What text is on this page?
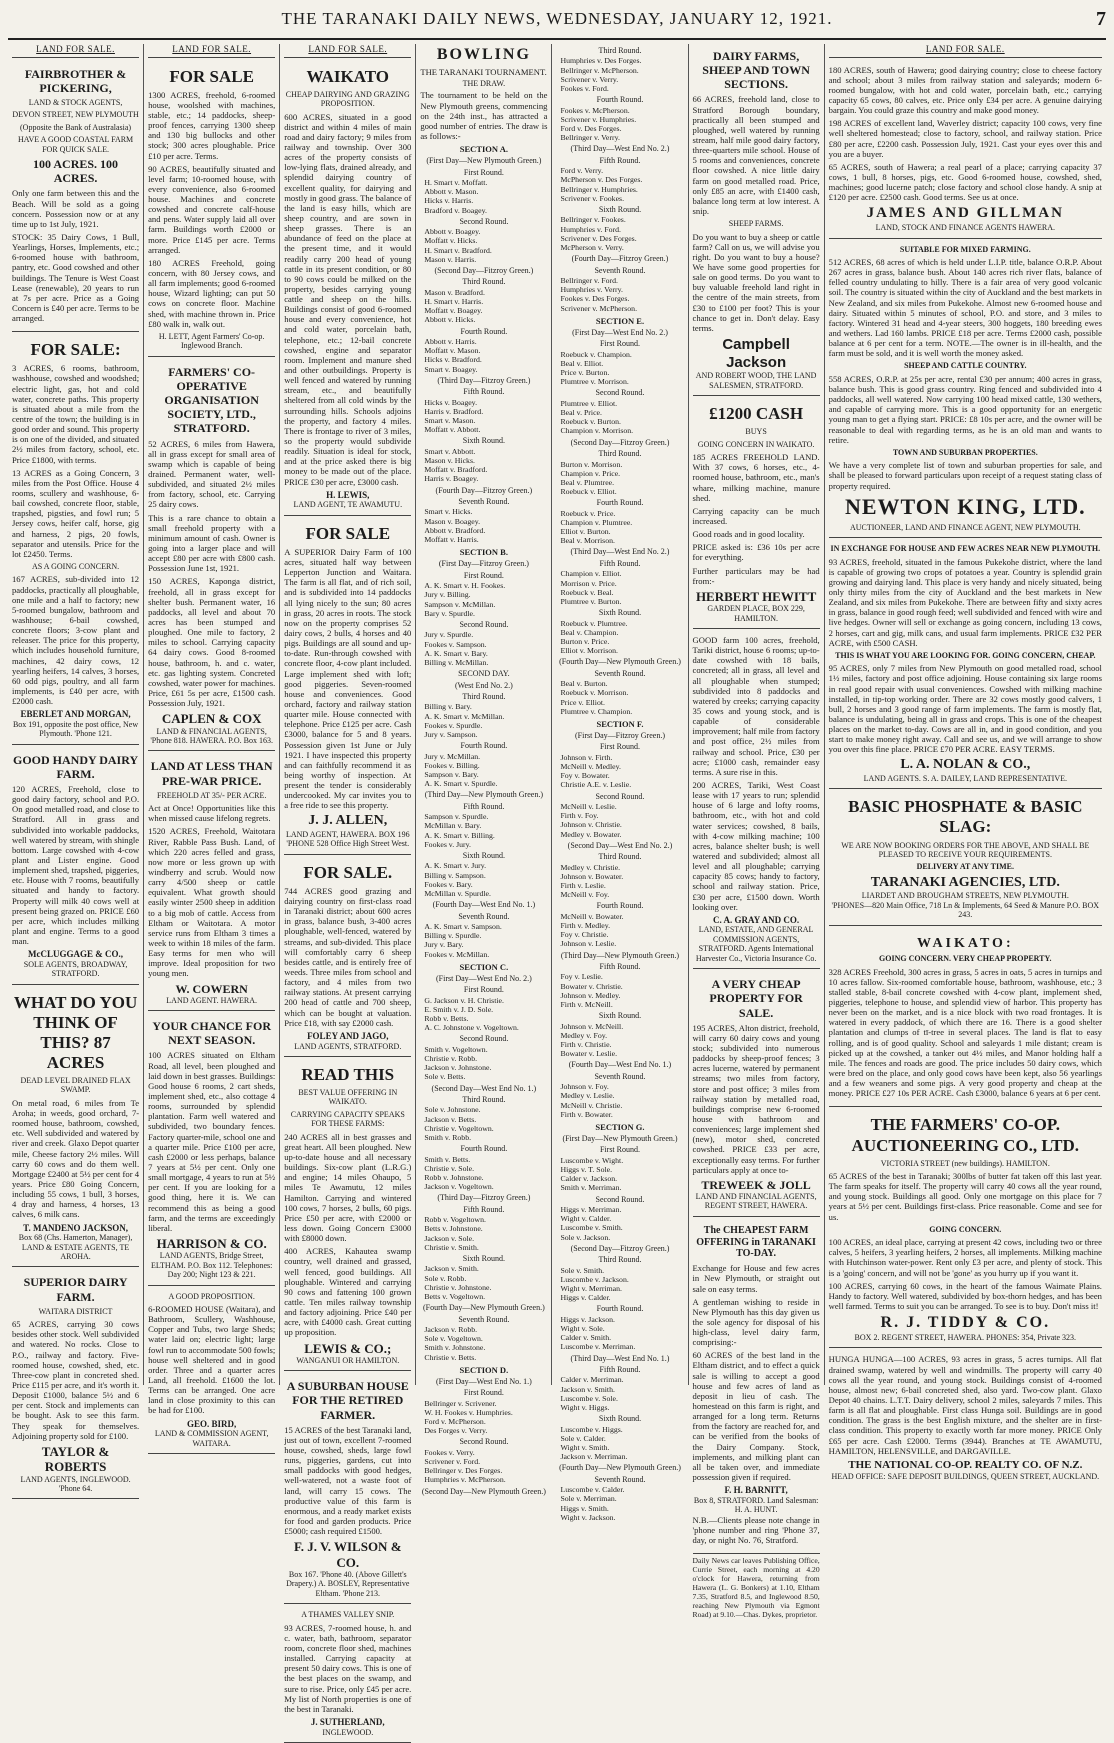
THE TARANAKI DAILY NEWS, WEDNESDAY, JANUARY 12, 1921.	7
LAND FOR SALE.
FAIRBROTHER & PICKERING,
LAND & STOCK AGENTS,
DEVON STREET, NEW PLYMOUTH
(Opposite the Bank of Australasia)
HAVE A GOOD COASTAL FARM FOR QUICK SALE.
100 ACRES. 100 ACRES.

Only one farm between this and the Beach. Will be sold as a going concern. Possession now or at any time up to 1st July, 1921.

STOCK: 35 Dairy Cows, 1 Bull, Yearlings, Horses, Implements, etc.; 6-roomed house with bathroom, pantry, etc. Good cowshed and other buildings. The Tenure is West Coast Lease (renewable), 20 years to run at 7s per acre. Price as a Going Concern is £40 per acre. Terms to be arranged.

FOR SALE:

3 ACRES, 6 rooms, bathroom, washhouse, cowshed and woodshed; electric light, gas, hot and cold water, concrete paths. This property is situated about a mile from the centre of the town; the building is in good order and sound. This property is on one of the divided, and situated 2½ miles from factory, school, etc. Price £1800, with terms.

13 ACRES as a Going Concern, 3 miles from the Post Office. House 4 rooms, scullery and washhouse, 6-bail cowshed, concrete floor, stable, trapshed, pigsties, and fowl run; 5 Jersey cows, heifer calf, horse, gig and harness, 2 pigs, 20 fowls, separator and utensils. Price for the lot £2450. Terms.

AS A GOING CONCERN.

167 ACRES, sub-divided into 12 paddocks, practically all ploughable, one mile and a half to factory; new 5-roomed bungalow, bathroom and washhouse; 6-bail cowshed, concrete floors; 3-cow plant and releaser. The price for this property, which includes household furniture, machines, 42 dairy cows, 12 yearling heifers, 14 calves, 3 horses, 60 odd pigs, poultry, and all farm implements, is £40 per acre, with £2000 cash.

EBERLET AND MORGAN,
Box 191, opposite the post office, New Plymouth. 'Phone 121.
GOOD HANDY DAIRY FARM.

120 ACRES, Freehold, close to good dairy factory, school and P.O. On good metalled road, and close to Stratford. All in grass and subdivided into workable paddocks, well watered by stream, with shingle bottom. Large cowshed with 4-cow plant and Lister engine. Good implement shed, trapshed, piggeries, etc. House with 7 rooms, beautifully situated and handy to factory. Property will milk 40 cows well at present being grazed on. PRICE £60 per acre, which includes milking plant and engine. Terms to a good man.

McCLUGGAGE & CO.,
SOLE AGENTS, BROADWAY, STRATFORD.
WHAT DO YOU THINK OF THIS? 87 ACRES
DEAD LEVEL DRAINED FLAX SWAMP.

On metal road, 6 miles from Te Aroha; in weeds, good orchard, 7-roomed house, bathroom, cowshed, etc. Well subdivided and watered by river and creek. Glaxo Depot quarter mile, Cheese factory 2½ miles. Will carry 60 cows and do them well. Mortgage £2400 at 5½ per cent for 4 years. Price £80 Going Concern, including 55 cows, 1 bull, 3 horses, 4 dray and harness, 4 horses, 13 calves, 6 milk cans.

T. MANDENO JACKSON,
Box 68 (Chs. Hamerton, Manager), LAND & ESTATE AGENTS, TE AROHA.
SUPERIOR DAIRY FARM.
WAITARA DISTRICT

65 ACRES, carrying 30 cows besides other stock. Well subdivided and watered. No rocks. Close to P.O., railway and factory. Five-roomed house, cowshed, shed, etc. Three-cow plant in concreted shed. Price £115 per acre, and it's worth it. Deposit £1000, balance 5½ and 6 per cent. Stock and implements can be bought. Ask to see this farm. They speak for themselves. Adjoining property sold for £100.

TAYLOR & ROBERTS
LAND AGENTS, INGLEWOOD. 'Phone 64.
LAND FOR SALE.
FOR SALE

1300 ACRES, freehold, 6-roomed house, woolshed with machines, stable, etc.; 14 paddocks, sheep-proof fences, carrying 1300 sheep and 130 big bullocks and other stock; 300 acres ploughable. Price £10 per acre. Terms.

90 ACRES, beautifully situated and level farm; 10-roomed house, with every convenience, also 6-roomed house. Machines and concrete cowshed and concrete calf-house and pens. Water supply laid all over farm. Buildings worth £2000 or more. Price £145 per acre. Terms arranged.

180 ACRES Freehold, going concern, with 80 Jersey cows, and all farm implements; good 6-roomed house, Wizard lighting; can put 50 cows on concrete floor. Machine shed, with machine thrown in. Price £80 walk in, walk out.

H. LETT, Agent Farmers' Co-op. Inglewood Branch.
FARMERS' CO-OPERATIVE ORGANISATION SOCIETY, LTD., STRATFORD.

52 ACRES, 6 miles from Hawera, all in grass except for small area of swamp which is capable of being drained. Permanent water, well-subdivided, and situated 2½ miles from factory, school, etc. Carrying 25 dairy cows.

This is a rare chance to obtain a small freehold property with a minimum amount of cash. Owner is going into a larger place and will accept £80 per acre with £800 cash. Possession June 1st, 1921.

150 ACRES, Kaponga district, freehold, all in grass except for shelter bush. Permanent water, 16 paddocks, all level and about 70 acres has been stumped and ploughed. One mile to factory, 2 miles to school. Carrying capacity 64 dairy cows. Good 8-roomed house, bathroom, h. and c. water, etc. gas lighting system. Concreted cowshed, water power for machines. Price, £61 5s per acre, £1500 cash. Possession July, 1921.

CAPLEN & COX
LAND & FINANCIAL AGENTS, 'Phone 818. HAWERA. P.O. Box 163.
LAND AT LESS THAN PRE-WAR PRICE.
FREEHOLD AT 35/- PER ACRE.

Act at Once! Opportunities like this when missed cause lifelong regrets.

1520 ACRES, Freehold, Waitotara River, Rabble Pass Bush. Land, of which 220 acres felled and grass, now more or less grown up with windberry and scrub. Would now carry 4/500 sheep or cattle equivalent. What growth should easily winter 2500 sheep in addition to a big mob of cattle. Access from Eltham or Waitotara. A motor service runs from Eltham 3 times a week to within 18 miles of the farm. Easy terms for men who will improve. Ideal proposition for two young men.

W. COWERN
LAND AGENT. HAWERA.
YOUR CHANCE FOR NEXT SEASON.

100 ACRES situated on Eltham Road, all level, been ploughed and laid down in best grasses. Buildings: Good house 6 rooms, 2 cart sheds, implement shed, etc., also cottage 4 rooms, surrounded by splendid plantation. Farm well watered and subdivided, two boundary fences. Factory quarter-mile, school one and a quarter mile. Price £100 per acre, cash £2000 or less perhaps, balance 7 years at 5½ per cent. Only one small mortgage, 4 years to run at 5½ per cent. If you are looking for a good thing, here it is. We can recommend this as being a good farm, and the terms are exceedingly liberal.

HARRISON & CO.
LAND AGENTS, Bridge Street, ELTHAM. P.O. Box 112. Telephones: Day 200; Night 123 & 221.
A GOOD PROPOSITION.

6-ROOMED HOUSE (Waitara), and Bathroom, Scullery, Washhouse, Copper and Tubs, two large Sheds; water laid on; electric light; large fowl run to accommodate 500 fowls; house well sheltered and in good order. Three and a quarter acres Land, all freehold. £1600 the lot. Terms can be arranged. One acre land in close proximity to this can be had for £100.

GEO. BIRD,
LAND & COMMISSION AGENT, WAITARA.
LAND FOR SALE.
WAIKATO
CHEAP DAIRYING AND GRAZING PROPOSITION.

600 ACRES, situated in a good district and within 4 miles of main road and dairy factory; 9 miles from railway and township. Over 300 acres of the property consists of low-lying flats, drained already, and splendid dairying country of excellent quality, for dairying and mostly in good grass. The balance of the land is easy hills, which are sheep country, and are sown in sheep grasses. There is an abundance of feed on the place at the present time, and it would readily carry 200 head of young cattle in its present condition, or 80 to 90 cows could be milked on the property, besides carrying young cattle and sheep on the hills. Buildings consist of good 6-roomed house and every convenience, hot and cold water, porcelain bath, telephone, etc.; 12-bail concrete cowshed, engine and separator room. Implement and manure shed and other outbuildings. Property is well fenced and watered by running stream, etc., and beautifully sheltered from all cold winds by the surrounding hills. Schools adjoins the property, and factory 4 miles. There is frontage to river of 3 miles, so the property would subdivide readily. Situation is ideal for stock, and at the price asked there is big money to be made out of the place. PRICE £30 per acre, £3000 cash.

H. LEWIS,
LAND AGENT, TE AWAMUTU.
FOR SALE

A SUPERIOR Dairy Farm of 100 acres, situated half way between Lepperton Junction and Waitara. The farm is all flat, and of rich soil, and is subdivided into 14 paddocks all lying nicely to the sun; 80 acres in grass, 20 acres in roots. The stock now on the property comprises 52 dairy cows, 2 bulls, 4 horses and 40 pigs. Buildings are all sound and up-to-date. Run-through cowshed with concrete floor, 4-cow plant included. Large implement shed with loft; good piggeries. Seven-roomed house and conveniences. Good orchard, factory and railway station quarter mile. House connected with telephone. Price £125 per acre. Cash £3000, balance for 5 and 8 years. Possession given 1st June or July 1921. I have inspected this property and can faithfully recommend it as being worthy of inspection. At present the tender is considerably undercooked. My car invites you to a free ride to see this property.

J. J. ALLEN,
LAND AGENT, HAWERA. BOX 196 'PHONE 528 Office High Street West.
FOR SALE.

744 ACRES good grazing and dairying country on first-class road in Taranaki district; about 600 acres in grass, balance bush, 3-400 acres ploughable, well-fenced, watered by streams, and sub-divided. This place will comfortably carry 6 sheep besides cattle, and is entirely free of weeds. Three miles from school and factory, and 4 miles from two railway stations. At present carrying 200 head of cattle and 700 sheep, which can be bought at valuation. Price £18, with say £2000 cash.

FOLEY AND JAGO,
LAND AGENTS, STRATFORD.
READ THIS
BEST VALUE OFFERING IN WAIKATO.
CARRYING CAPACITY SPEAKS FOR THESE FARMS:

240 ACRES all in best grasses and great heart. All been ploughed. New up-to-date house and all necessary buildings. Six-cow plant (L.R.G.) and engine; 14 miles Ohaupo, 5 miles Te Awamutu, 12 miles Hamilton. Carrying and wintered 100 cows, 7 horses, 2 bulls, 60 pigs. Price £50 per acre, with £2000 or less down. Going Concern £3000 with £8000 down.

400 ACRES, Kahautea swamp country, well drained and grassed, well fenced, good buildings. All ploughable. Wintered and carrying 90 cows and fattening 100 grown cattle. Ten miles railway township and factory adjoining. Price £40 per acre, with £4000 cash. Great cutting up proposition.

LEWIS & CO.;
WANGANUI OR HAMILTON.
A SUBURBAN HOUSE FOR THE RETIRED FARMER.

15 ACRES of the best Taranaki land, just out of town, excellent 7-roomed house, cowshed, sheds, large fowl runs, piggeries, gardens, cut into small paddocks with good hedges, well-watered, not a waste foot of land, will carry 15 cows. The productive value of this farm is enormous, and a ready market exists for food and garden products. Price £5000; cash required £1500.

F. J. V. WILSON & CO.
Box 167. 'Phone 40. (Above Gillett's Drapery.) A. BOSLEY, Representative Eltham. 'Phone 213.
A THAMES VALLEY SNIP.

93 ACRES, 7-roomed house, h. and c. water, bath, bathroom, separator room, concrete floor shed, machines installed. Carrying capacity at present 50 dairy cows. This is one of the best places on the swamp, and sure to rise. Price, only £45 per acre. My list of North properties is one of the best in Taranaki.

J. SUTHERLAND,
INGLEWOOD.
BOWLING
THE TARANAKI TOURNAMENT.
THE DRAW.

The tournament to be held on the New Plymouth greens, commencing on the 24th inst., has attracted a good number of entries. The draw is as follows:-

SECTION A.
(First Day—New Plymouth Green.)
First Round.
H. Smart v. Moffatt.
Abbott v. Mason.
Hicks v. Harris.
Bradford v. Boagey.
Second Round.
Abbott v. Boagey.
Moffatt v. Hicks.
H. Smart v. Bradford.
Mason v. Harris.
(Second Day—Fitzroy Green.)
Third Round.
Mason v. Bradford.
H. Smart v. Harris.
Moffatt v. Boagey.
Abbott v. Hicks.
Fourth Round.
Abbott v. Harris.
Moffatt v. Mason.
Hicks v. Bradford.
Smart v. Boagey.
(Third Day—Fitzroy Green.)
Fifth Round.
Hicks v. Boagey.
Harris v. Bradford.
Smart v. Mason.
Moffatt v. Abbott.
Sixth Round.
Smart v. Abbott.
Mason v. Hicks.
Moffatt v. Bradford.
Harris v. Boagey.
(Fourth Day—Fitzroy Green.)
Seventh Round.
Smart v. Hicks.
Mason v. Boagey.
Abbott v. Bradford.
Moffatt v. Harris.
SECTION B.
(First Day—Fitzroy Green.)
First Round.
A. K. Smart v. H. Fookes.
Jury v. Billing.
Sampson v. McMillan.
Bary v. Spurdle.
Second Round.
Jury v. Spurdle.
Fookes v. Sampson.
A. K. Smart v. Bary.
Billing v. McMillan.
SECOND DAY.
(West End No. 2.)
Third Round.
Billing v. Bary.
A. K. Smart v. McMillan.
Fookes v. Spurdle.
Jury v. Sampson.
Fourth Round.
Jury v. McMillan.
Fookes v. Billing.
Sampson v. Bary.
A. K. Smart v. Spurdle.
(Third Day—New Plymouth Green.)
Fifth Round.
Sampson v. Spurdle.
McMillan v. Bary.
A. K. Smart v. Billing.
Fookes v. Jury.
Sixth Round.
A. K. Smart v. Jury.
Billing v. Sampson.
Fookes v. Bary.
McMillan v. Spurdle.
(Fourth Day—West End No. 1.)
Seventh Round.
A. K. Smart v. Sampson.
Billing v. Spurdle.
Jury v. Bary.
Fookes v. McMillan.
SECTION C.
(First Day—West End No. 2.)
First Round.
G. Jackson v. H. Christie.
E. Smith v. J. D. Sole.
Robb v. Betts.
A. C. Johnstone v. Vogeltown.
Second Round.
Smith v. Vogeltown.
Christie v. Robb.
Jackson v. Johnstone.
Sole v. Betts.
(Second Day—West End No. 1.)
Third Round.
Sole v. Johnstone.
Jackson v. Betts.
Christie v. Vogeltown.
Smith v. Robb.
Fourth Round.
Smith v. Betts.
Christie v. Sole.
Robb v. Johnstone.
Jackson v. Vogeltown.
(Third Day—Fitzroy Green.)
Fifth Round.
Robb v. Vogeltown.
Betts v. Johnstone.
Jackson v. Sole.
Christie v. Smith.
Sixth Round.
Jackson v. Smith.
Sole v. Robb.
Christie v. Johnstone.
Betts v. Vogeltown.
(Fourth Day—New Plymouth Green.)
Seventh Round.
Jackson v. Robb.
Sole v. Vogeltown.
Smith v. Johnstone.
Christie v. Betts.
SECTION D.
(First Day—West End No. 1.)
First Round.
Bellringer v. Scrivener.
W. H. Fookes v. Humphries.
Ford v. McPherson.
Des Forges v. Verry.
Second Round.
Fookes v. Verry.
Scrivener v. Ford.
Bellringer v. Des Forges.
Humphries v. McPherson.
(Second Day—New Plymouth Green.)
Third Round.
Humphries v. Des Forges.
Bellringer v. McPherson.
Scrivener v. Verry.
Fookes v. Ford.
Fourth Round.
Fookes v. McPherson.
Scrivener v. Humphries.
Ford v. Des Forges.
Bellringer v. Verry.
(Third Day—West End No. 2.)
Fifth Round.
Ford v. Verry.
McPherson v. Des Forges.
Bellringer v. Humphries.
Scrivener v. Fookes.
Sixth Round.
Bellringer v. Fookes.
Humphries v. Ford.
Scrivener v. Des Forges.
McPherson v. Verry.
(Fourth Day—Fitzroy Green.)
Seventh Round.
Bellringer v. Ford.
Humphries v. Verry.
Fookes v. Des Forges.
Scrivener v. McPherson.
SECTION E.
(First Day—West End No. 2.)
First Round.
Roebuck v. Champion.
Beal v. Elliot.
Price v. Burton.
Plumtree v. Morrison.
Second Round.
Plumtree v. Elliot.
Beal v. Price.
Roebuck v. Burton.
Champion v. Morrison.
(Second Day—Fitzroy Green.)
Third Round.
Burton v. Morrison.
Champion v. Price.
Beal v. Plumtree.
Roebuck v. Elliot.
Fourth Round.
Roebuck v. Price.
Champion v. Plumtree.
Elliot v. Burton.
Beal v. Morrison.
(Third Day—West End No. 2.)
Fifth Round.
Champion v. Elliot.
Morrison v. Price.
Roebuck v. Beal.
Plumtree v. Burton.
Sixth Round.
Roebuck v. Plumtree.
Beal v. Champion.
Burton v. Price.
Elliot v. Morrison.
(Fourth Day—New Plymouth Green.)
Seventh Round.
Beal v. Burton.
Roebuck v. Morrison.
Price v. Elliot.
Plumtree v. Champion.
SECTION F.
(First Day—Fitzroy Green.)
First Round.
Johnson v. Firth.
McNeill v. Medley.
Foy v. Bowater.
Christie A.E. v. Leslie.
Second Round.
McNeill v. Leslie.
Firth v. Foy.
Johnson v. Christie.
Medley v. Bowater.
(Second Day—West End No. 2.)
Third Round.
Medley v. Christie.
Johnson v. Bowater.
Firth v. Leslie.
McNeill v. Foy.
Fourth Round.
McNeill v. Bowater.
Firth v. Medley.
Foy v. Christie.
Johnson v. Leslie.
(Third Day—New Plymouth Green.)
Fifth Round.
Foy v. Leslie.
Bowater v. Christie.
Johnson v. Medley.
Firth v. McNeill.
Sixth Round.
Johnson v. McNeill.
Medley v. Foy.
Firth v. Christie.
Bowater v. Leslie.
(Fourth Day—West End No. 1.)
Seventh Round.
Johnson v. Foy.
Medley v. Leslie.
McNeill v. Christie.
Firth v. Bowater.
SECTION G.
(First Day—New Plymouth Green.)
First Round.
Luscombe v. Wight.
Higgs v. T. Sole.
Calder v. Jackson.
Smith v. Merriman.
Second Round.
Higgs v. Merriman.
Wight v. Calder.
Luscombe v. Smith.
Sole v. Jackson.
(Second Day—Fitzroy Green.)
Third Round.
Sole v. Smith.
Luscombe v. Jackson.
Wight v. Merriman.
Higgs v. Calder.
Fourth Round.
Higgs v. Jackson.
Wight v. Sole.
Calder v. Smith.
Luscombe v. Merriman.
(Third Day—West End No. 1.)
Fifth Round.
Calder v. Merriman.
Jackson v. Smith.
Luscombe v. Sole.
Wight v. Higgs.
Sixth Round.
Luscombe v. Higgs.
Sole v. Calder.
Wight v. Smith.
Jackson v. Merriman.
(Fourth Day—New Plymouth Green.)
Seventh Round.
Luscombe v. Calder.
Sole v. Merriman.
Higgs v. Smith.
Wight v. Jackson.
DAIRY FARMS, SHEEP AND TOWN SECTIONS.

66 ACRES, freehold land, close to Stratford Borough boundary, practically all been stumped and ploughed, well watered by running stream, half mile good dairy factory, three-quarters mile school. House of 5 rooms and conveniences, concrete floor cowshed. A nice little dairy farm on good metalled road. Price, only £85 an acre, with £1400 cash, balance long term at low interest. A snip.

SHEEP FARMS.

Do you want to buy a sheep or cattle farm? Call on us, we will advise you right. Do you want to buy a house? We have some good properties for sale on good terms. Do you want to buy valuable freehold land right in the centre of the main streets, from £30 to £100 per foot? This is your chance to get in. Don't delay. Easy terms.

Campbell Jackson
AND ROBERT WOOD, THE LAND SALESMEN, STRATFORD.
£1200 CASH
BUYS
GOING CONCERN IN WAIKATO.

185 ACRES FREEHOLD LAND. With 37 cows, 6 horses, etc., 4-roomed house, bathroom, etc., man's whare, milking machine, manure shed.

Carrying capacity can be much increased.

Good roads and in good locality.

PRICE asked is: £36 10s per acre for everything.

Further particulars may be had from:-

HERBERT HEWITT
GARDEN PLACE, BOX 229, HAMILTON.

GOOD farm 100 acres, freehold, Tariki district, house 6 rooms; up-to-date cowshed with 18 bails, concreted; all in grass, all level and all ploughable when stumped; subdivided into 8 paddocks and watered by creeks; carrying capacity 35 cows and young stock, and is capable of considerable improvement; half mile from factory and post office, 2½ miles from railway and school. Price, £30 per acre; £1000 cash, remainder easy terms. A sure rise in this.

200 ACRES, Tariki, West Coast lease with 17 years to run; splendid house of 6 large and lofty rooms, bathroom, etc., with hot and cold water services; cowshed, 8 bails, with 4-cow milking machine; 100 acres, balance shelter bush; is well watered and subdivided; almost all level and all ploughable; carrying capacity 85 cows; handy to factory, school and railway station. Price, £30 per acre, £1500 down. Worth looking over.

C. A. GRAY AND CO.
LAND, ESTATE, AND GENERAL COMMISSION AGENTS, STRATFORD. Agents International Harvester Co., Victoria Insurance Co.
A VERY CHEAP PROPERTY FOR SALE.

195 ACRES, Alton district, freehold, will carry 60 dairy cows and young stock; subdivided into numerous paddocks by sheep-proof fences; 3 acres lucerne, watered by permanent streams; two miles from factory, store and post office; 3 miles from railway station by metalled road, buildings comprise new 6-roomed house with bathroom and conveniences; large implement shed (new), motor shed, concreted cowshed. PRICE £33 per acre, exceptionally easy terms. For further particulars apply at once to-

TREWEEK & JOLL
LAND AND FINANCIAL AGENTS, REGENT STREET, HAWERA.
The CHEAPEST FARM OFFERING in TARANAKI TO-DAY.

Exchange for House and few acres in New Plymouth, or straight out sale on easy terms.

A gentleman wishing to reside in New Plymouth has this day given us the sole agency for disposal of his high-class, level dairy farm, comprising:-

60 ACRES of the best land in the Eltham district, and to effect a quick sale is willing to accept a good house and few acres of land as deposit in lieu of cash. The homestead on this farm is right, and arranged for a long term. Returns from the factory are reached for, and can be verified from the books of the Dairy Company. Stock, implements, and milking plant can all be taken over, and immediate possession given if required.

F. H. BARNITT,
Box 8, STRATFORD. Land Salesman: H. A. HUNT.

N.B.—Clients please note change in 'phone number and ring 'Phone 37, day, or night No. 76, Stratford.

Daily News car leaves Publishing Office, Currie Street, each morning at 4.20 o'clock for Hawera, returning from Hawera (L. G. Bonkers) at 1.10, Eltham 7.35, Stratford 8.5, and Inglewood 8.50, reaching New Plymouth via Egmont Road) at 9.10.—Chas. Dykes, proprietor.

LAND FOR SALE.

180 ACRES, south of Hawera; good dairying country; close to cheese factory and school; about 3 miles from railway station and saleyards; modern 6-roomed bungalow, with hot and cold water, porcelain bath, etc.; carrying capacity 65 cows, 80 calves, etc. Price only £34 per acre. A genuine dairying bargain. You could graze this country and make good money.

198 ACRES of excellent land, Waverley district; capacity 100 cows, very fine well sheltered homestead; close to factory, school, and railway station. Price £80 per acre, £2200 cash. Possession July, 1921. Cast your eyes over this and you are a buyer.

65 ACRES, south of Hawera; a real pearl of a place; carrying capacity 37 cows, 1 bull, 8 horses, pigs, etc. Good 6-roomed house, cowshed, shed, machines; good lucerne patch; close factory and school close handy. A snip at £120 per acre. £2500 cash. Good terms. See us at once.

JAMES AND GILLMAN
LAND, STOCK AND FINANCE AGENTS HAWERA.
SUITABLE FOR MIXED FARMING.

512 ACRES, 68 acres of which is held under L.I.P. title, balance O.R.P. About 267 acres in grass, balance bush. About 140 acres rich river flats, balance of felled country undulating to hilly. There is a fair area of very good volcanic soil. The country is situated within the city of Auckland and the best markets in New Zealand, and six miles from Pukekohe. Almost new 6-roomed house and dairy. Situated within 5 minutes of school, P.O. and store, and 3 miles to factory. Wintered 31 head and 4-year steers, 300 hoggets, 180 breeding ewes and wethers. Lad 160 lambs. PRICE £18 per acre. Terms £2000 cash, possible balance at 6 per cent for a term. NOTE.—The owner is in ill-health, and the farm must be sold, and it is well worth the money asked.

SHEEP AND CATTLE COUNTRY.

558 ACRES, O.R.P. at 25s per acre, rental £30 per annum; 400 acres in grass, balance bush. This is good grass country. Ring fenced and subdivided into 4 paddocks, all well watered. Now carrying 100 head mixed cattle, 130 wethers, and capable of carrying more. This is a good opportunity for an energetic young man to get a flying start. PRICE: £8 10s per acre, and the owner will be reasonable to deal with regarding terms, as he is an old man and wants to retire.

TOWN AND SUBURBAN PROPERTIES.

We have a very complete list of town and suburban properties for sale, and shall be pleased to forward particulars upon receipt of a request stating class of property required.

NEWTON KING, LTD.
AUCTIONEER, LAND AND FINANCE AGENT, NEW PLYMOUTH.
IN EXCHANGE FOR HOUSE AND FEW ACRES NEAR NEW PLYMOUTH.

93 ACRES, freehold, situated in the famous Pukekohe district, where the land is capable of growing two crops of potatoes a year. Country is splendid grain growing and dairying land. This place is very handy and nicely situated, being only thirty miles from the city of Auckland and the best markets in New Zealand, and six miles from Pukekohe. There are between fifty and sixty acres in grass, balance in good rough feed; well subdivided and fenced with wire and live hedges. Owner will sell or exchange as going concern, including 13 cows, 2 horses, cart and gig, milk cans, and usual farm implements. PRICE £32 PER ACRE, with £500 CASH.

THIS IS WHAT YOU ARE LOOKING FOR. GOING CONCERN, CHEAP.

95 ACRES, only 7 miles from New Plymouth on good metalled road, school 1½ miles, factory and post office adjoining. House containing six large rooms in real good repair with usual conveniences. Cowshed with milking machine installed, in tip-top working order. There are 32 cows mostly good calvers, 1 bull, 2 horses and 3 good range of farm implements. The farm is mostly flat, balance is undulating, being all in grass and crops. This is one of the cheapest places on the market to-day. Cows are all in, and in good condition, and you start to make money right away. Call and see us, and we will arrange to show you over this fine place. PRICE £70 PER ACRE. EASY TERMS.

L. A. NOLAN & CO.,
LAND AGENTS. S. A. DAILEY, LAND REPRESENTATIVE.
BASIC PHOSPHATE & BASIC SLAG:
WE ARE NOW BOOKING ORDERS FOR THE ABOVE, AND SHALL BE PLEASED TO RECEIVE YOUR REQUIREMENTS.
DELIVERY AT ANY TIME.
TARANAKI AGENCIES, LTD.
LIARDET AND BROUGHAM STREETS, NEW PLYMOUTH.
'PHONES—820 Main Office, 718 Ln & Implements, 64 Seed & Manure P.O. BOX 243.
WAIKATO:
GOING CONCERN. VERY CHEAP PROPERTY.

328 ACRES Freehold, 300 acres in grass, 5 acres in oats, 5 acres in turnips and 10 acres fallow. Six-roomed comfortable house, bathroom, washhouse, etc.; 3 stalled stable, 8-bail concrete cowshed with 4-cow plant, implement shed, piggeries, telephone to house, and splendid view of harbor. This property has never been on the market, and is a nice block with two road frontages. It is watered in every paddock, of which there are 16. There is a good shelter plantation and clumps of tī-tree in several places. The land is flat to easy rolling, and is of good quality. School and saleyards 1 mile distant; cream is picked up at the cowshed, a tanker out 4½ miles, and Manor holding half a mile. The fences and roads are good. The price includes 50 dairy cows, which were bred on the place, and only good cows have been kept, also 56 yearlings and a few weaners and some pigs. A very good property and cheap at the money. PRICE £27 10s PER ACRE. Cash £3000, balance 6 years at 6 per cent.

THE FARMERS' CO-OP. AUCTIONEERING CO., LTD.
VICTORIA STREET (new buildings). HAMILTON.

65 ACRES of the best in Taranaki; 300lbs of butter fat taken off this last year. The farm speaks for itself. The property will carry 40 cows all the year round, and young stock. Buildings all good. Only one mortgage on this place for 7 years at 5½ per cent. Buildings first-class. Price reasonable. Come and see for us.

GOING CONCERN.

100 ACRES, an ideal place, carrying at present 42 cows, including two or three calves, 5 heifers, 3 yearling heifers, 2 horses, all implements. Milking machine with Hutchinson water-power. Rent only £3 per acre, and plenty of stock. This is a 'going' concern, and will not be 'gone' as you hurry up if you want it.

100 ACRES, carrying 60 cows, in the heart of the famous Waimate Plains. Handy to factory. Well watered, subdivided by box-thorn hedges, and has been well farmed. Terms to suit you can be arranged. To see is to buy. Don't miss it!

R. J. TIDDY & CO.
BOX 2. REGENT STREET, HAWERA. PHONES: 354, Private 323.

HUNGA HUNGA—100 ACRES, 93 acres in grass, 5 acres turnips. All flat drained swamp, watered by well and windmills. The property will carry 40 cows all the year round, and young stock. Buildings consist of 4-roomed house, almost new; 6-bail concreted shed, also yard. Two-cow plant. Glaxo Depot 40 chains. L.T.T. Dairy delivery, school 2 miles, saleyards 7 miles. This farm is all flat and ploughable. First class Hunga soil. Buildings are in good condition. The grass is the best English mixture, and the shelter are in first-class condition. This property to exactly worth far more money. PRICE Only £65 per acre. Cash £2000. Terms (3944). Branches at TE AWAMUTU, HAMILTON, HELENSVILLE, and DARGAVILLE.

THE NATIONAL CO-OP. REALTY CO. OF N.Z.
HEAD OFFICE: SAFE DEPOSIT BUILDINGS, QUEEN STREET, AUCKLAND.
